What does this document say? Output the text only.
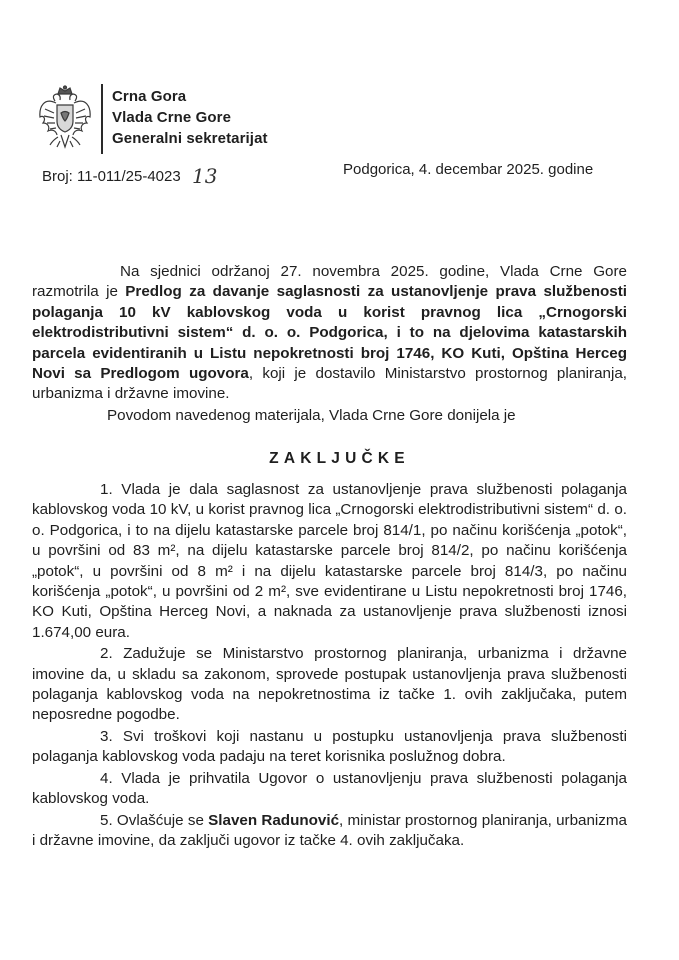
Crna Gora
Vlada Crne Gore
Generalni sekretarijat
Broj: 11-011/25-4023 13	Podgorica, 4. decembar 2025. godine

Na sjednici održanoj 27. novembra 2025. godine, Vlada Crne Gore razmotrila je Predlog za davanje saglasnosti za ustanovljenje prava službenosti polaganja 10 kV kablovskog voda u korist pravnog lica „Crnogorski elektrodistributivni sistem“ d. o. o. Podgorica, i to na djelovima katastarskih parcela evidentiranih u Listu nepokretnosti broj 1746, KO Kuti, Opština Herceg Novi sa Predlogom ugovora, koji je dostavilo Ministarstvo prostornog planiranja, urbanizma i državne imovine.

Povodom navedenog materijala, Vlada Crne Gore donijela je

ZAKLJUČKE

1. Vlada je dala saglasnost za ustanovljenje prava službenosti polaganja kablovskog voda 10 kV, u korist pravnog lica „Crnogorski elektrodistributivni sistem“ d. o. o. Podgorica, i to na dijelu katastarske parcele broj 814/1, po načinu korišćenja „potok“, u površini od 83 m², na dijelu katastarske parcele broj 814/2, po načinu korišćenja „potok“, u površini od 8 m² i na dijelu katastarske parcele broj 814/3, po načinu korišćenja „potok“, u površini od 2 m², sve evidentirane u Listu nepokretnosti broj 1746, KO Kuti, Opština Herceg Novi, a naknada za ustanovljenje prava službenosti iznosi 1.674,00 eura.

2. Zadužuje se Ministarstvo prostornog planiranja, urbanizma i državne imovine da, u skladu sa zakonom, sprovede postupak ustanovljenja prava službenosti polaganja kablovskog voda na nepokretnostima iz tačke 1. ovih zaključaka, putem neposredne pogodbe.

3. Svi troškovi koji nastanu u postupku ustanovljenja prava službenosti polaganja kablovskog voda padaju na teret korisnika poslužnog dobra.

4. Vlada je prihvatila Ugovor o ustanovljenju prava službenosti polaganja kablovskog voda.

5. Ovlašćuje se Slaven Radunović, ministar prostornog planiranja, urbanizma i državne imovine, da zaključi ugovor iz tačke 4. ovih zaključaka.
